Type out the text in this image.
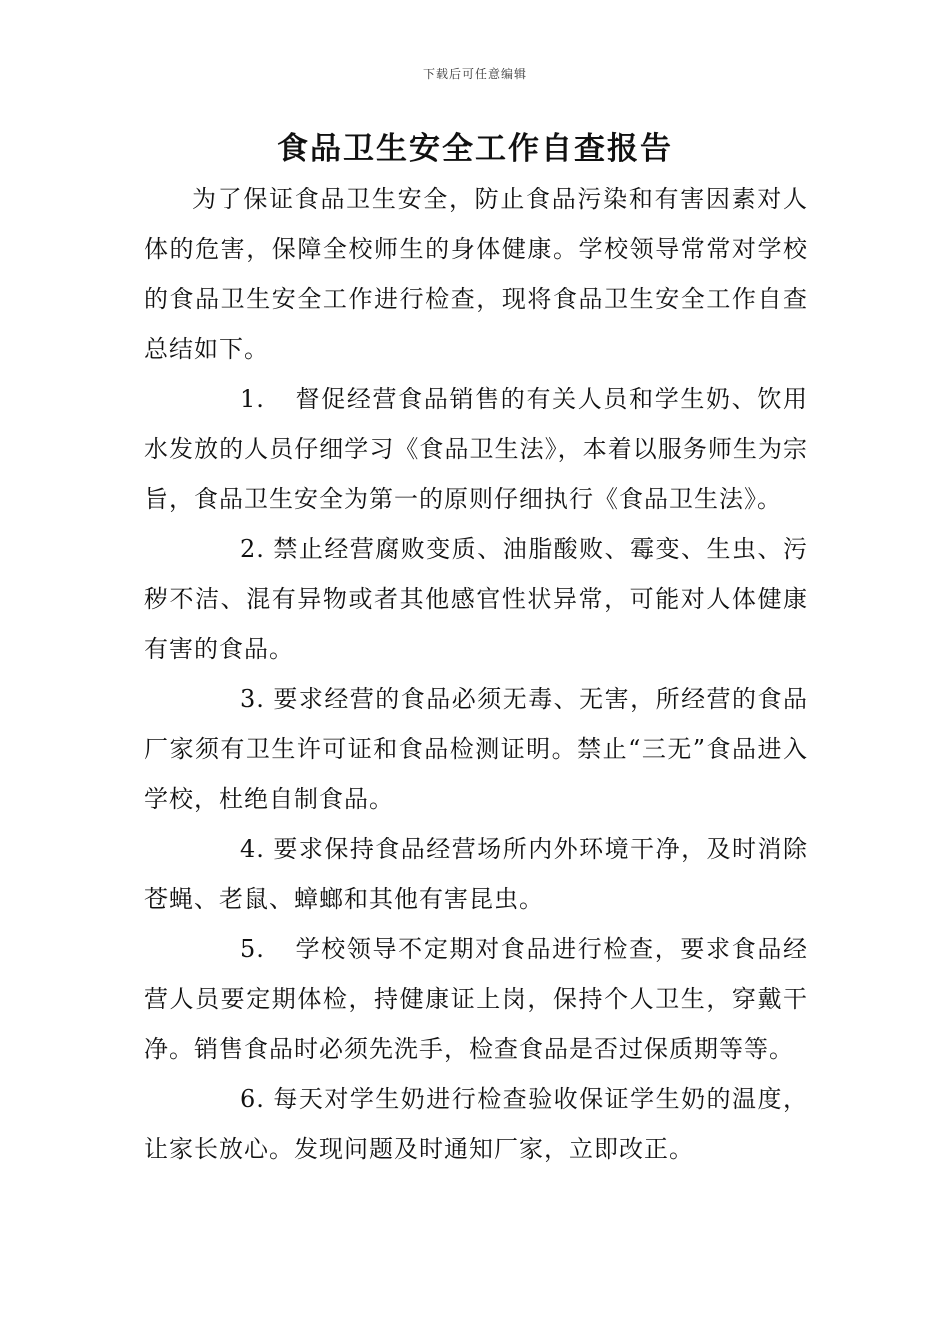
下载后可任意编辑
食品卫生安全工作自查报告

为了保证食品卫生安全，防止食品污染和有害因素对人体的危害，保障全校师生的身体健康。学校领导常常对学校的食品卫生安全工作进行检查，现将食品卫生安全工作自查总结如下。

1. 督促经营食品销售的有关人员和学生奶、饮用水发放的人员仔细学习《食品卫生法》，本着以服务师生为宗旨，食品卫生安全为第一的原则仔细执行《食品卫生法》。

2. 禁止经营腐败变质、油脂酸败、霉变、生虫、污秽不洁、混有异物或者其他感官性状异常，可能对人体健康有害的食品。

3. 要求经营的食品必须无毒、无害，所经营的食品厂家须有卫生许可证和食品检测证明。禁止“三无”食品进入学校，杜绝自制食品。

4. 要求保持食品经营场所内外环境干净，及时消除苍蝇、老鼠、蟑螂和其他有害昆虫。

5. 学校领导不定期对食品进行检查，要求食品经营人员要定期体检，持健康证上岗，保持个人卫生，穿戴干净。销售食品时必须先洗手，检查食品是否过保质期等等。

6. 每天对学生奶进行检查验收保证学生奶的温度，让家长放心。发现问题及时通知厂家，立即改正。
